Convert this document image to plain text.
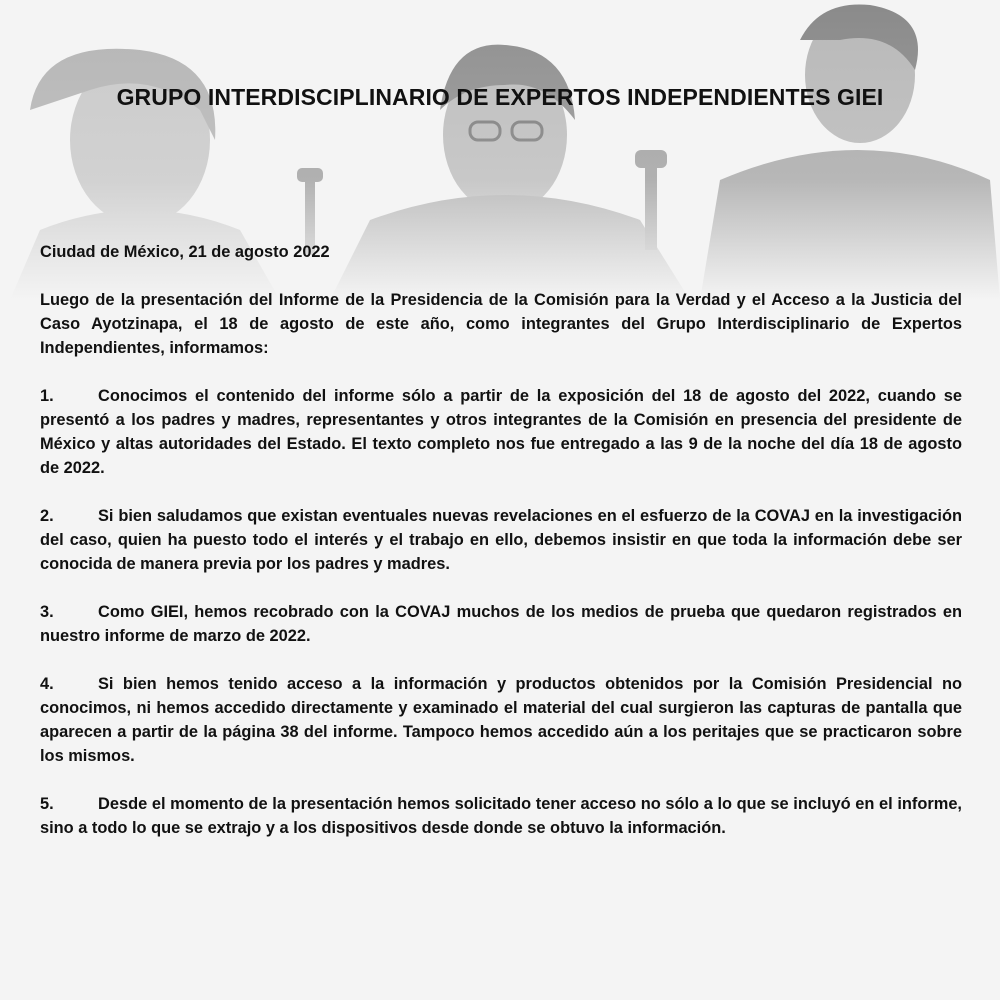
GRUPO INTERDISCIPLINARIO DE EXPERTOS INDEPENDIENTES GIEI

Ciudad de México, 21 de agosto 2022

Luego de la presentación del Informe de la Presidencia de la Comisión para la Verdad y el Acceso a la Justicia del Caso Ayotzinapa, el 18 de agosto de este año, como integrantes del Grupo Interdisciplinario de Expertos Independientes, informamos:

1.	Conocimos el contenido del informe sólo a partir de la exposición del 18 de agosto del 2022, cuando se presentó a los padres y madres, representantes y otros integrantes de la Comisión en presencia del presidente de México y altas autoridades del Estado. El texto completo nos fue entregado a las 9 de la noche del día 18 de agosto de 2022.

2.	Si bien saludamos que existan eventuales nuevas revelaciones en el esfuerzo de la COVAJ en la investigación del caso, quien ha puesto todo el interés y el trabajo en ello, debemos insistir en que toda la información debe ser conocida de manera previa por los padres y madres.

3.	Como GIEI, hemos recobrado con la COVAJ muchos de los medios de prueba que quedaron registrados en nuestro informe de marzo de 2022.

4.	Si bien hemos tenido acceso a la información y productos obtenidos por la Comisión Presidencial no conocimos, ni hemos accedido directamente y examinado el material del cual surgieron las capturas de pantalla que aparecen a partir de la página 38 del informe. Tampoco hemos accedido aún a los peritajes que se practicaron sobre los mismos.

5.	Desde el momento de la presentación hemos solicitado tener acceso no sólo a lo que se incluyó en el informe, sino a todo lo que se extrajo y a los dispositivos desde donde se obtuvo la información.
